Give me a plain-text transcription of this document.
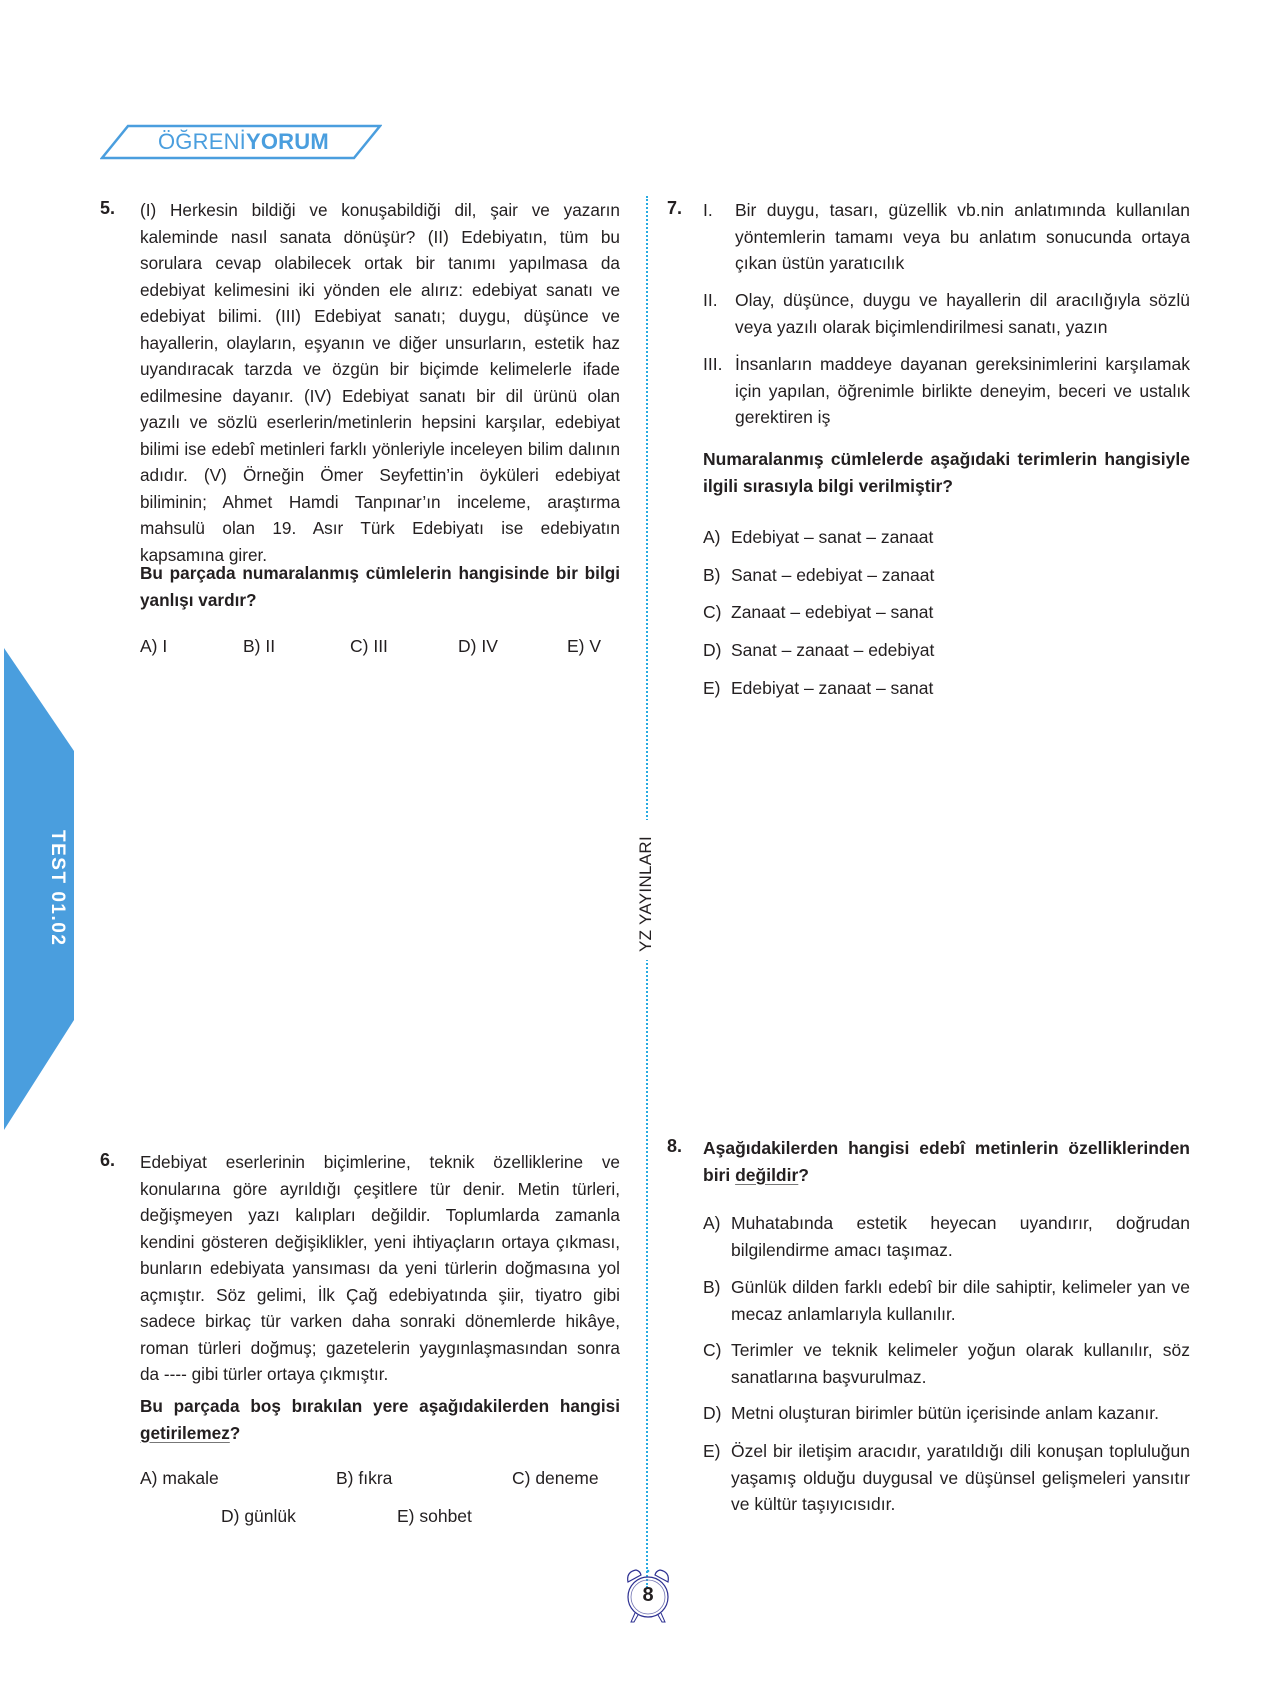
ÖĞRENİYORUM
TEST 01.02	YZ YAYINLARI
5. (I) Herkesin bildiği ve konuşabildiği dil, şair ve yazarın kaleminde nasıl sanata dönüşür? (II) Edebiyatın, tüm bu sorulara cevap olabilecek ortak bir tanımı yapılmasa da edebiyat kelimesini iki yönden ele alırız: edebiyat sanatı ve edebiyat bilimi. (III) Edebiyat sanatı; duygu, düşünce ve hayallerin, olayların, eşyanın ve diğer unsurların, estetik haz uyandıracak tarzda ve özgün bir biçimde kelimelerle ifade edilmesine dayanır. (IV) Edebiyat sanatı bir dil ürünü olan yazılı ve sözlü eserlerin/metinlerin hepsini karşılar, edebiyat bilimi ise edebî metinleri farklı yönleriyle inceleyen bilim dalının adıdır. (V) Örneğin Ömer Seyfettin’in öyküleri edebiyat biliminin; Ahmet Hamdi Tanpınar’ın inceleme, araştırma mahsulü olan 19. Asır Türk Edebiyatı ise edebiyatın kapsamına girer.
Bu parçada numaralanmış cümlelerin hangisinde bir bilgi yanlışı vardır?
A) I	B) II	C) III	D) IV	E) V
7. I. Bir duygu, tasarı, güzellik vb.nin anlatımında kullanılan yöntemlerin tamamı veya bu anlatım sonucunda ortaya çıkan üstün yaratıcılık
II. Olay, düşünce, duygu ve hayallerin dil aracılığıyla sözlü veya yazılı olarak biçimlendirilmesi sanatı, yazın
III. İnsanların maddeye dayanan gereksinimlerini karşılamak için yapılan, öğrenimle birlikte deneyim, beceri ve ustalık gerektiren iş
Numaralanmış cümlelerde aşağıdaki terimlerin hangisiyle ilgili sırasıyla bilgi verilmiştir?
A) Edebiyat – sanat – zanaat
B) Sanat – edebiyat – zanaat
C) Zanaat – edebiyat – sanat
D) Sanat – zanaat – edebiyat
E) Edebiyat – zanaat – sanat
6. Edebiyat eserlerinin biçimlerine, teknik özelliklerine ve konularına göre ayrıldığı çeşitlere tür denir. Metin türleri, değişmeyen yazı kalıpları değildir. Toplumlarda zamanla kendini gösteren değişiklikler, yeni ihtiyaçların ortaya çıkması, bunların edebiyata yansıması da yeni türlerin doğmasına yol açmıştır. Söz gelimi, İlk Çağ edebiyatında şiir, tiyatro gibi sadece birkaç tür varken daha sonraki dönemlerde hikâye, roman türleri doğmuş; gazetelerin yaygınlaşmasından sonra da ---- gibi türler ortaya çıkmıştır.
Bu parçada boş bırakılan yere aşağıdakilerden hangisi getirilemez?
A) makale	B) fıkra	C) deneme
D) günlük	E) sohbet
8. Aşağıdakilerden hangisi edebî metinlerin özelliklerinden biri değildir?
A) Muhatabında estetik heyecan uyandırır, doğrudan bilgilendirme amacı taşımaz.
B) Günlük dilden farklı edebî bir dile sahiptir, kelimeler yan ve mecaz anlamlarıyla kullanılır.
C) Terimler ve teknik kelimeler yoğun olarak kullanılır, söz sanatlarına başvurulmaz.
D) Metni oluşturan birimler bütün içerisinde anlam kazanır.
E) Özel bir iletişim aracıdır, yaratıldığı dili konuşan topluluğun yaşamış olduğu duygusal ve düşünsel gelişmeleri yansıtır ve kültür taşıyıcısıdır.
8
